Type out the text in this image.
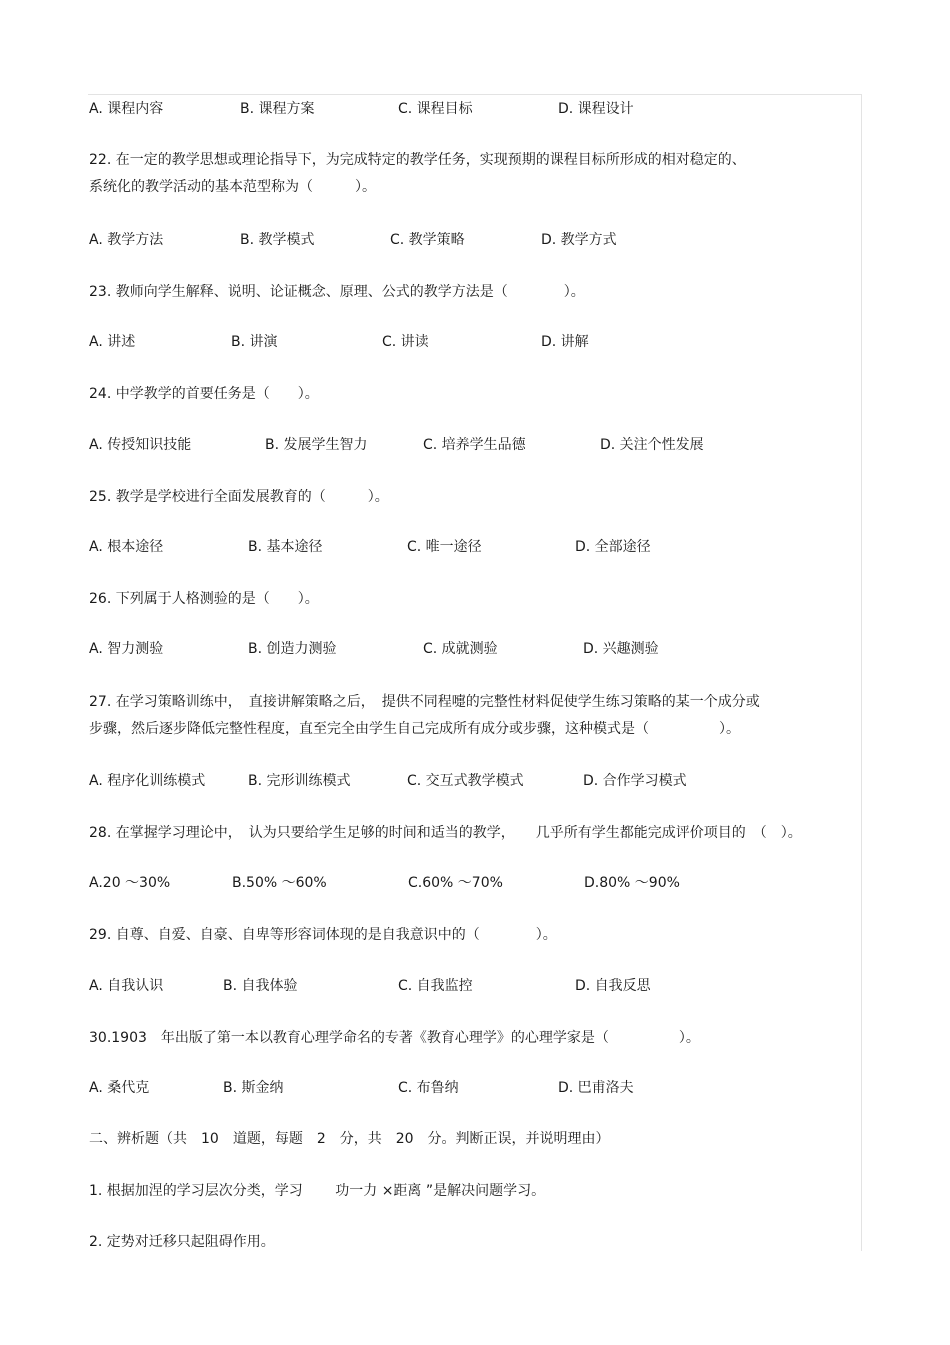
A. 课程内容	B. 课程方案	C. 课程目标	D. 课程设计
22. 在一定的教学思想或理论指导下，为完成特定的教学任务，实现预期的课程目标所形成的相对稳定的、
系统化的教学活动的基本范型称为（　　　）。
A. 教学方法	B. 教学模式	C. 教学策略	D. 教学方式
23. 教师向学生解释、说明、论证概念、原理、公式的教学方法是（　　　　）。
A. 讲述	B. 讲演	C. 讲读	D. 讲解
24. 中学教学的首要任务是（　　）。
A. 传授知识技能	B. 发展学生智力	C. 培养学生品德	D. 关注个性发展
25. 教学是学校进行全面发展教育的（　　　）。
A. 根本途径	B. 基本途径	C. 唯一途径	D. 全部途径
26. 下列属于人格测验的是（　　）。
A. 智力测验	B. 创造力测验	C. 成就测验	D. 兴趣测验
27. 在学习策略训练中，　直接讲解策略之后，　提供不同程嚏的完整性材料促使学生练习策略的某一个成分或
步骤，然后逐步降低完整性程度，直至完全由学生自己完成所有成分或步骤，这种模式是（　　　　　）。
A. 程序化训练模式	B. 完形训练模式	C. 交互式教学模式	D. 合作学习模式
28. 在掌握学习理论中，　认为只要给学生足够的时间和适当的教学，　　几乎所有学生都能完成评价项目的　（　）。
A.20 ～30%	B.50% ～60%	C.60% ～70%	D.80% ～90%
29. 自尊、自爱、自豪、自卑等形容词体现的是自我意识中的（　　　　）。
A. 自我认识	B. 自我体验	C. 自我监控	D. 自我反思
30.1903　年出版了第一本以教育心理学命名的专著《教育心理学》的心理学家是（　　　　　）。
A. 桑代克	B. 斯金纳	C. 布鲁纳	D. 巴甫洛夫
二、辨析题（共　10　道题，每题　2　分，共　20　分。判断正误，并说明理由）
1. 根据加涅的学习层次分类，学习　　 功一力 ×距离 ”是解决问题学习。
2. 定势对迁移只起阻碍作用。
